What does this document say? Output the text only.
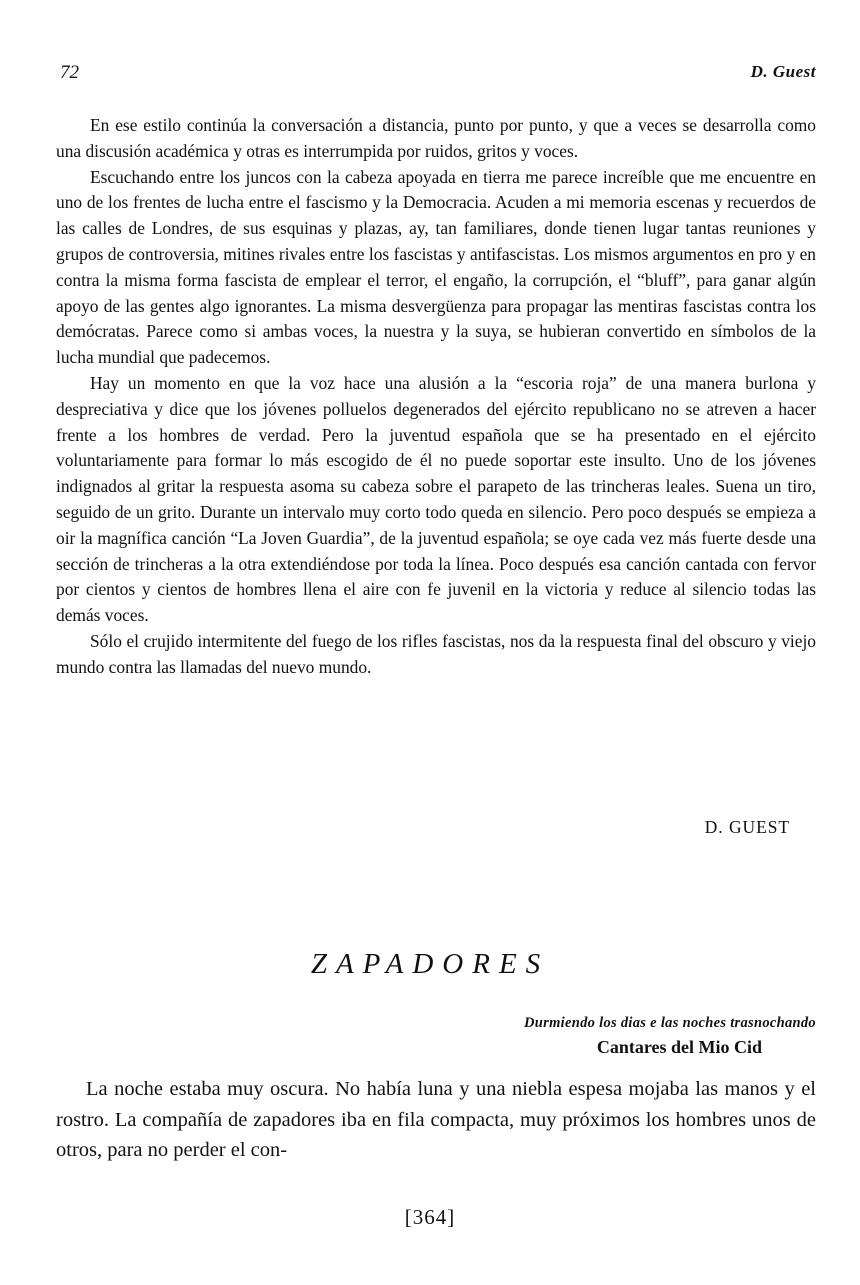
72	D. Guest

En ese estilo continúa la conversación a distancia, punto por punto, y que a veces se desarrolla como una discusión académica y otras es interrumpida por ruidos, gritos y voces.

Escuchando entre los juncos con la cabeza apoyada en tierra me parece increíble que me encuentre en uno de los frentes de lucha entre el fascismo y la Democracia. Acuden a mi memoria escenas y recuerdos de las calles de Londres, de sus esquinas y plazas, ay, tan familiares, donde tienen lugar tantas reuniones y grupos de controversia, mitines rivales entre los fascistas y antifascistas. Los mismos argumentos en pro y en contra la misma forma fascista de emplear el terror, el engaño, la corrupción, el “bluff”, para ganar algún apoyo de las gentes algo ignorantes. La misma desvergüenza para propagar las mentiras fascistas contra los demócratas. Parece como si ambas voces, la nuestra y la suya, se hubieran convertido en símbolos de la lucha mundial que padecemos.

Hay un momento en que la voz hace una alusión a la “escoria roja” de una manera burlona y despreciativa y dice que los jóvenes polluelos degenerados del ejército republicano no se atreven a hacer frente a los hombres de verdad. Pero la juventud española que se ha presentado en el ejército voluntariamente para formar lo más escogido de él no puede soportar este insulto. Uno de los jóvenes indignados al gritar la respuesta asoma su cabeza sobre el parapeto de las trincheras leales. Suena un tiro, seguido de un grito. Durante un intervalo muy corto todo queda en silencio. Pero poco después se empieza a oir la magnífica canción “La Joven Guardia”, de la juventud española; se oye cada vez más fuerte desde una sección de trincheras a la otra extendiéndose por toda la línea. Poco después esa canción cantada con fervor por cientos y cientos de hombres llena el aire con fe juvenil en la victoria y reduce al silencio todas las demás voces.

Sólo el crujido intermitente del fuego de los rifles fascistas, nos da la respuesta final del obscuro y viejo mundo contra las llamadas del nuevo mundo.

D. GUEST
ZAPADORES
Durmiendo los dias e las noches trasnochando
Cantares del Mio Cid

La noche estaba muy oscura. No había luna y una niebla espesa mojaba las manos y el rostro. La compañía de zapadores iba en fila compacta, muy próximos los hombres unos de otros, para no perder el con-

[364]
